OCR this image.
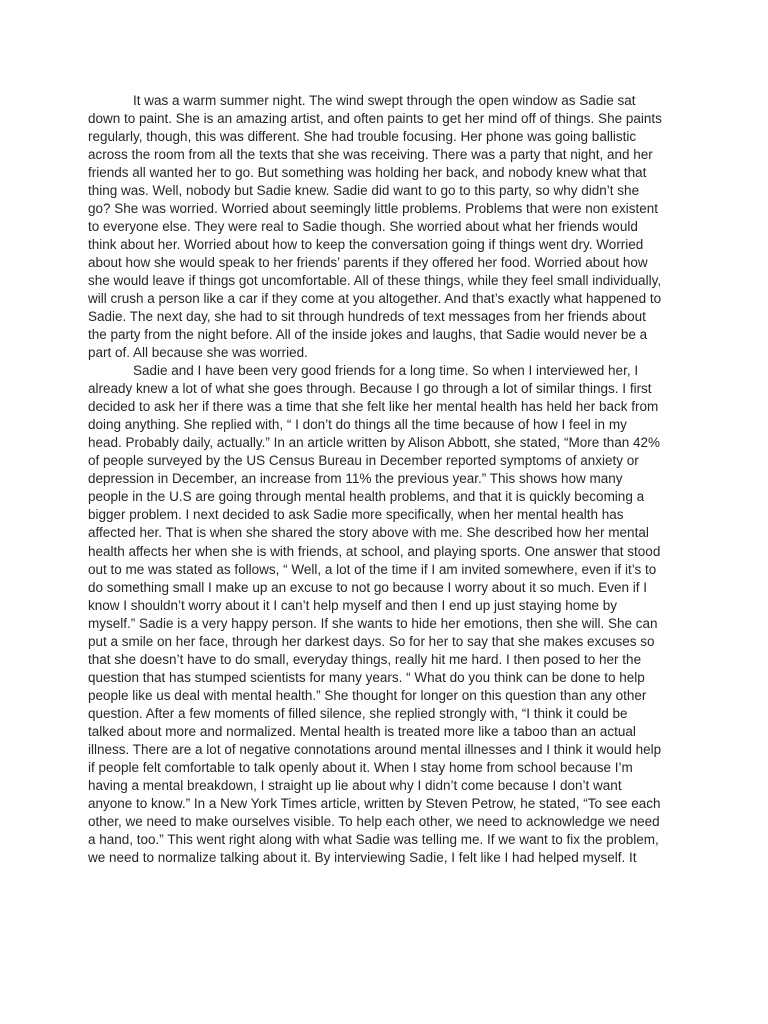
It was a warm summer night. The wind swept through the open window as Sadie sat
down to paint. She is an amazing artist, and often paints to get her mind off of things. She paints
regularly, though, this was different. She had trouble focusing. Her phone was going ballistic
across the room from all the texts that she was receiving. There was a party that night, and her
friends all wanted her to go. But something was holding her back, and nobody knew what that
thing was. Well, nobody but Sadie knew. Sadie did want to go to this party, so why didn’t she
go? She was worried. Worried about seemingly little problems. Problems that were non existent
to everyone else. They were real to Sadie though. She worried about what her friends would
think about her. Worried about how to keep the conversation going if things went dry. Worried
about how she would speak to her friends’ parents if they offered her food. Worried about how
she would leave if things got uncomfortable. All of these things, while they feel small individually,
will crush a person like a car if they come at you altogether. And that’s exactly what happened to
Sadie. The next day, she had to sit through hundreds of text messages from her friends about
the party from the night before. All of the inside jokes and laughs, that Sadie would never be a
part of. All because she was worried.
Sadie and I have been very good friends for a long time. So when I interviewed her, I
already knew a lot of what she goes through. Because I go through a lot of similar things. I first
decided to ask her if there was a time that she felt like her mental health has held her back from
doing anything. She replied with, “ I don’t do things all the time because of how I feel in my
head. Probably daily, actually.” In an article written by Alison Abbott, she stated, “More than 42%
of people surveyed by the US Census Bureau in December reported symptoms of anxiety or
depression in December, an increase from 11% the previous year.” This shows how many
people in the U.S are going through mental health problems, and that it is quickly becoming a
bigger problem. I next decided to ask Sadie more specifically, when her mental health has
affected her. That is when she shared the story above with me. She described how her mental
health affects her when she is with friends, at school, and playing sports. One answer that stood
out to me was stated as follows, “ Well, a lot of the time if I am invited somewhere, even if it’s to
do something small I make up an excuse to not go because I worry about it so much. Even if I
know I shouldn’t worry about it I can’t help myself and then I end up just staying home by
myself.” Sadie is a very happy person. If she wants to hide her emotions, then she will. She can
put a smile on her face, through her darkest days. So for her to say that she makes excuses so
that she doesn’t have to do small, everyday things, really hit me hard. I then posed to her the
question that has stumped scientists for many years. “ What do you think can be done to help
people like us deal with mental health.” She thought for longer on this question than any other
question. After a few moments of filled silence, she replied strongly with, “I think it could be
talked about more and normalized. Mental health is treated more like a taboo than an actual
illness. There are a lot of negative connotations around mental illnesses and I think it would help
if people felt comfortable to talk openly about it. When I stay home from school because I’m
having a mental breakdown, I straight up lie about why I didn’t come because I don’t want
anyone to know.” In a New York Times article, written by Steven Petrow, he stated, “To see each
other, we need to make ourselves visible. To help each other, we need to acknowledge we need
a hand, too.” This went right along with what Sadie was telling me. If we want to fix the problem,
we need to normalize talking about it. By interviewing Sadie, I felt like I had helped myself. It
